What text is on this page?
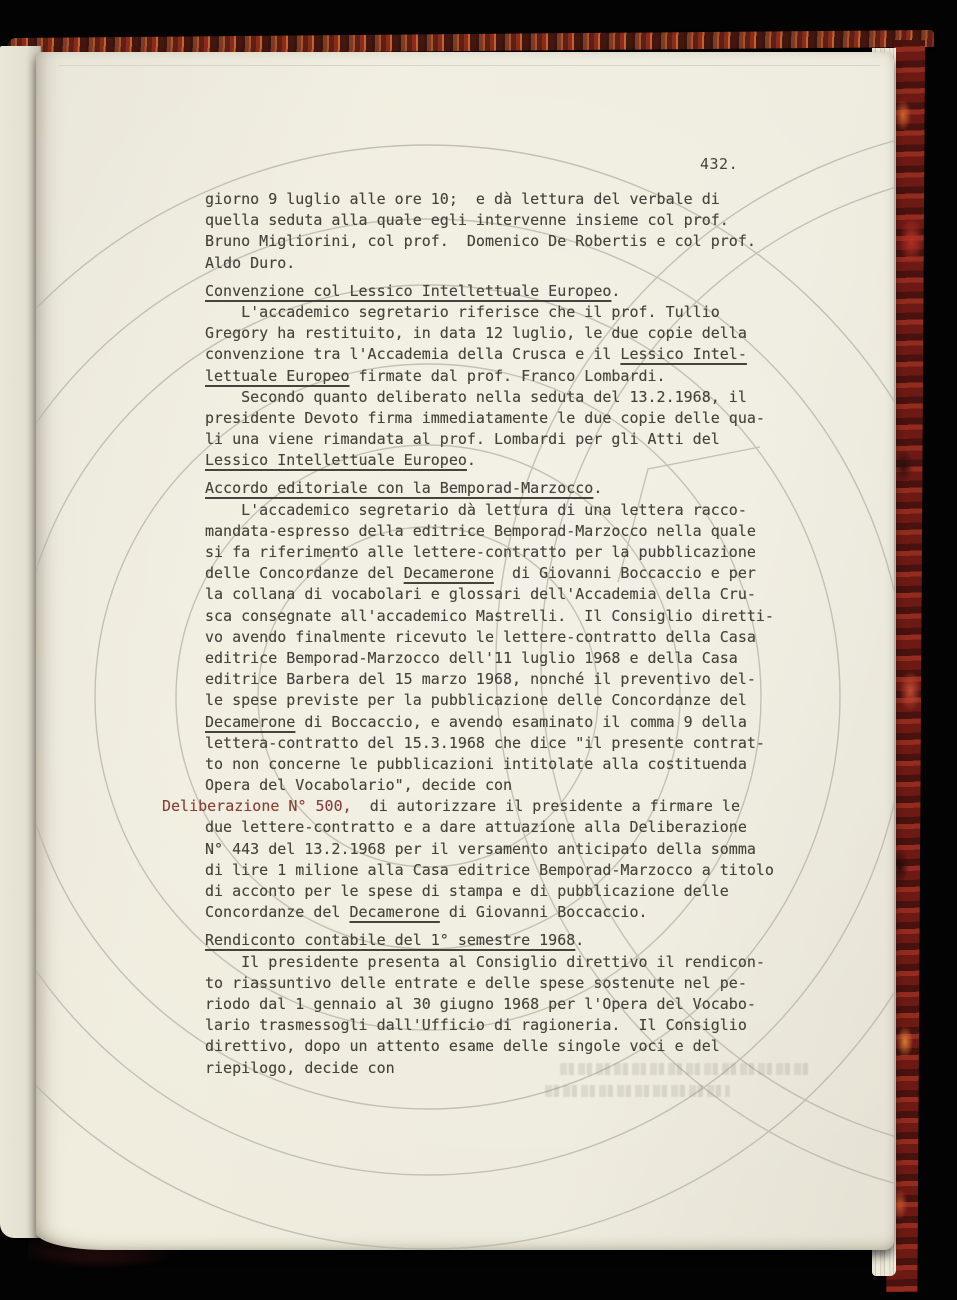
432.
giorno 9 luglio alle ore 10;  e dà lettura del verbale di
quella seduta alla quale egli intervenne insieme col prof.
Bruno Migliorini, col prof.  Domenico De Robertis e col prof.
Aldo Duro.
Convenzione col Lessico Intellettuale Europeo.
L'accademico segretario riferisce che il prof. Tullio
Gregory ha restituito, in data 12 luglio, le due copie della
convenzione tra l'Accademia della Crusca e il Lessico Intel-
lettuale Europeo firmate dal prof. Franco Lombardi.
Secondo quanto deliberato nella seduta del 13.2.1968, il
presidente Devoto firma immediatamente le due copie delle qua-
li una viene rimandata al prof. Lombardi per gli Atti del
Lessico Intellettuale Europeo.
Accordo editoriale con la Bemporad-Marzocco.
L'accademico segretario dà lettura di una lettera racco-
mandata-espresso della editrice Bemporad-Marzocco nella quale
si fa riferimento alle lettere-contratto per la pubblicazione
delle Concordanze del Decamerone  di Giovanni Boccaccio e per
la collana di vocabolari e glossari dell'Accademia della Cru-
sca consegnate all'accademico Mastrelli.  Il Consiglio diretti-
vo avendo finalmente ricevuto le lettere-contratto della Casa
editrice Bemporad-Marzocco dell'11 luglio 1968 e della Casa
editrice Barbera del 15 marzo 1968, nonché il preventivo del-
le spese previste per la pubblicazione delle Concordanze del
Decamerone di Boccaccio, e avendo esaminato il comma 9 della
lettera-contratto del 15.3.1968 che dice "il presente contrat-
to non concerne le pubblicazioni intitolate alla costituenda
Opera del Vocabolario", decide con
Deliberazione N° 500,  di autorizzare il presidente a firmare le
due lettere-contratto e a dare attuazione alla Deliberazione
N° 443 del 13.2.1968 per il versamento anticipato della somma
di lire 1 milione alla Casa editrice Bemporad-Marzocco a titolo
di acconto per le spese di stampa e di pubblicazione delle
Concordanze del Decamerone di Giovanni Boccaccio.
Rendiconto contabile del 1° semestre 1968.
Il presidente presenta al Consiglio direttivo il rendicon-
to riassuntivo delle entrate e delle spese sostenute nel pe-
riodo dal 1 gennaio al 30 giugno 1968 per l'Opera del Vocabo-
lario trasmessogli dall'Ufficio di ragioneria.  Il Consiglio
direttivo, dopo un attento esame delle singole voci e del
riepilogo, decide con
